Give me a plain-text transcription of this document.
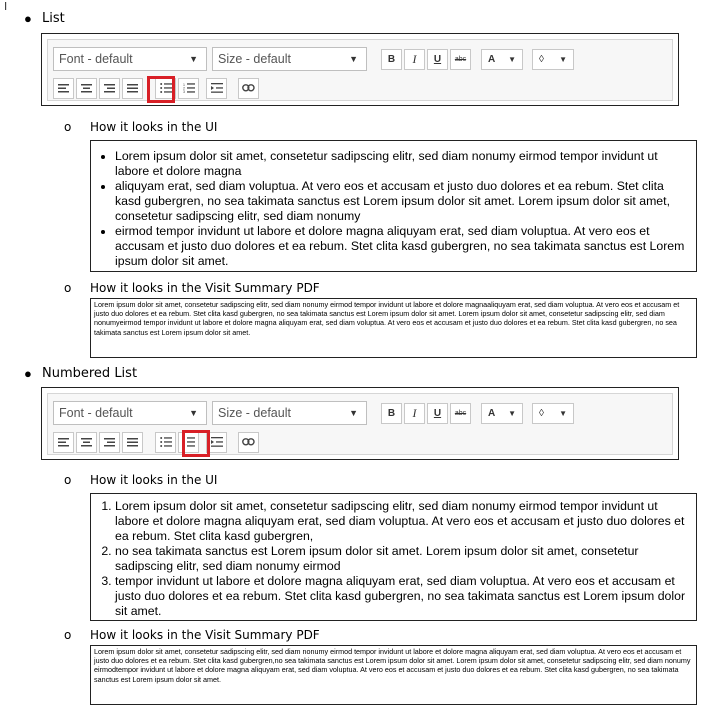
I
● List
Font - default	▼	Size - default	▼	B	I	U	abc	A ▼	◊ ▼
1
2
3
o How it looks in the UI
• Lorem ipsum dolor sit amet, consetetur sadipscing elitr, sed diam nonumy eirmod tempor invidunt ut labore et dolore magna
• aliquyam erat, sed diam voluptua. At vero eos et accusam et justo duo dolores et ea rebum. Stet clita kasd gubergren, no sea takimata sanctus est Lorem ipsum dolor sit amet. Lorem ipsum dolor sit amet, consetetur sadipscing elitr, sed diam nonumy
• eirmod tempor invidunt ut labore et dolore magna aliquyam erat, sed diam voluptua. At vero eos et accusam et justo duo dolores et ea rebum. Stet clita kasd gubergren, no sea takimata sanctus est Lorem ipsum dolor sit amet.
o How it looks in the Visit Summary PDF
Lorem ipsum dolor sit amet, consetetur sadipscing elitr, sed diam nonumy eirmod tempor invidunt ut labore et dolore magnaaliquyam erat, sed diam voluptua. At vero eos et accusam et justo duo dolores et ea rebum. Stet clita kasd gubergren, no sea takimata sanctus est Lorem ipsum dolor sit amet. Lorem ipsum dolor sit amet, consetetur sadipscing elitr, sed diam nonumyeirmod tempor invidunt ut labore et dolore magna aliquyam erat, sed diam voluptua. At vero eos et accusam et justo duo dolores et ea rebum. Stet clita kasd gubergren, no sea takimata sanctus est Lorem ipsum dolor sit amet.
● Numbered List
Font - default	▼	Size - default	▼	B	I	U	abc	A ▼	◊ ▼
1
2
3
o How it looks in the UI
1. Lorem ipsum dolor sit amet, consetetur sadipscing elitr, sed diam nonumy eirmod tempor invidunt ut labore et dolore magna aliquyam erat, sed diam voluptua. At vero eos et accusam et justo duo dolores et ea rebum. Stet clita kasd gubergren,
2. no sea takimata sanctus est Lorem ipsum dolor sit amet. Lorem ipsum dolor sit amet, consetetur sadipscing elitr, sed diam nonumy eirmod
3. tempor invidunt ut labore et dolore magna aliquyam erat, sed diam voluptua. At vero eos et accusam et justo duo dolores et ea rebum. Stet clita kasd gubergren, no sea takimata sanctus est Lorem ipsum dolor sit amet.
o How it looks in the Visit Summary PDF
Lorem ipsum dolor sit amet, consetetur sadipscing elitr, sed diam nonumy eirmod tempor invidunt ut labore et dolore magna aliquyam erat, sed diam voluptua. At vero eos et accusam et justo duo dolores et ea rebum. Stet clita kasd gubergren,no sea takimata sanctus est Lorem ipsum dolor sit amet. Lorem ipsum dolor sit amet, consetetur sadipscing elitr, sed diam nonumy eirmodtempor invidunt ut labore et dolore magna aliquyam erat, sed diam voluptua. At vero eos et accusam et justo duo dolores et ea rebum. Stet clita kasd gubergren, no sea takimata sanctus est Lorem ipsum dolor sit amet.
